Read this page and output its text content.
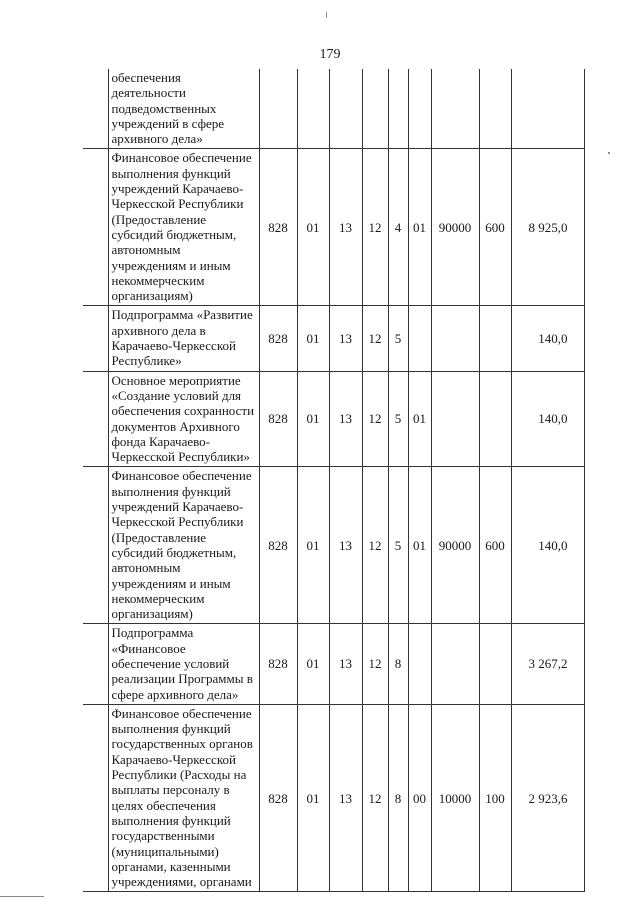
179
	обеспечения деятельности подведомственных учреждений в сфере архивного дела»									
	Финансовое обеспечение выполнения функций учреждений Карачаево-Черкесской Республики (Предоставление субсидий бюджетным, автономным учреждениям и иным некоммерческим организациям)	828	01	13	12	4	01	90000	600	8 925,0
	Подпрограмма «Развитие архивного дела в Карачаево-Черкесской Республике»	828	01	13	12	5				140,0
	Основное мероприятие «Создание условий для обеспечения сохранности документов Архивного фонда Карачаево-Черкесской Республики»	828	01	13	12	5	01			140,0
	Финансовое обеспечение выполнения функций учреждений Карачаево-Черкесской Республики (Предоставление субсидий бюджетным, автономным учреждениям и иным некоммерческим организациям)	828	01	13	12	5	01	90000	600	140,0
	Подпрограмма «Финансовое обеспечение условий реализации Программы в сфере архивного дела»	828	01	13	12	8				3 267,2
	Финансовое обеспечение выполнения функций государственных органов Карачаево-Черкесской Республики (Расходы на выплаты персоналу в целях обеспечения выполнения функций государственными (муниципальными) органами, казенными учреждениями, органами	828	01	13	12	8	00	10000	100	2 923,6
